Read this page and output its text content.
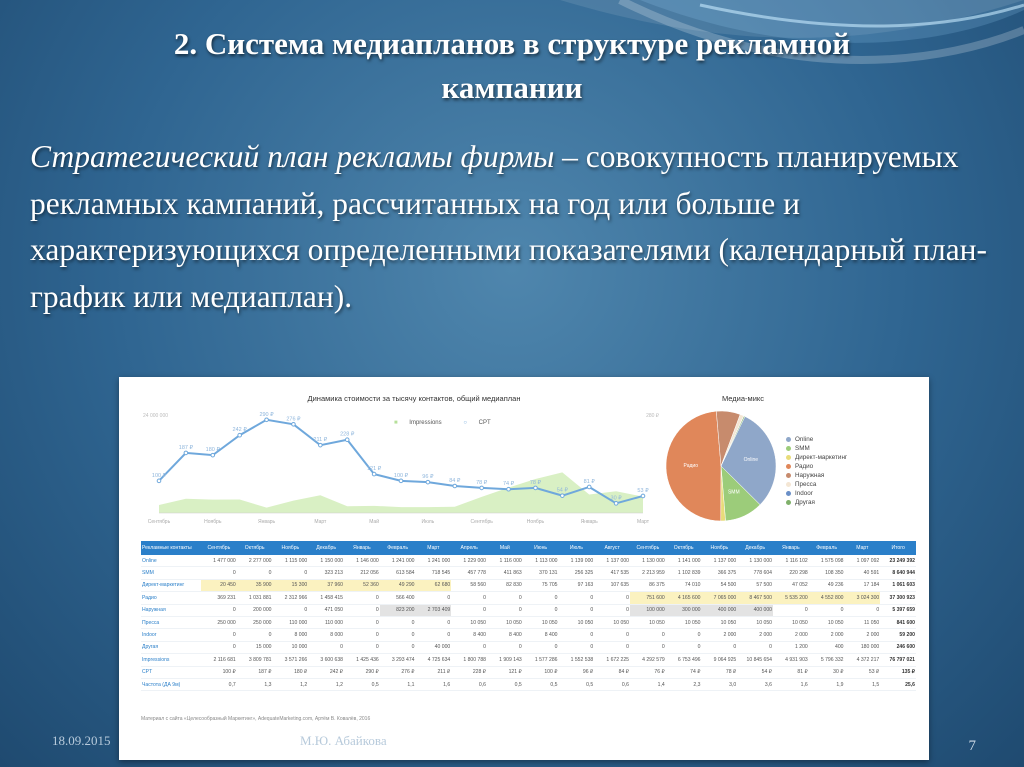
2. Система медиапланов в структуре рекламной
кампании
Стратегический план рекламы фирмы – совокупность планируемых рекламных кампаний, рассчитанных на год или больше и характеризующихся определенными показателями (календарный план-график или медиаплан).
Динамика стоимости за тысячу контактов, общий медиаплан	Медиа-микс
■ Impressions	○ CPT
24 000 000	280 ₽
100 ₽
187 ₽ 180 ₽
242 ₽
290 ₽
276 ₽
211 ₽
228 ₽
121 ₽
100 ₽	96 ₽
84 ₽	78 ₽	74 ₽	78 ₽
54 ₽
81 ₽
30 ₽
53 ₽
Сентябрь	Ноябрь	Январь	Март	Май	Июль	Сентябрь	Ноябрь	Январь	Март
Online
SMM
Радио
Online
SMM
Директ-маркетинг
Радио
Наружная
Пресса
Indoor
Другая
Рекламные контакты	Сентябрь	Октябрь	Ноябрь	Декабрь	Январь	Февраль	Март	Апрель	Май	Июнь	Июль	Август	Сентябрь	Октябрь	Ноябрь	Декабрь	Январь	Февраль	Март	Итого
Online	1 477 000	2 277 000	1 115 000	1 150 000	1 146 000	1 241 000	1 241 000	1 229 000	1 116 000	1 113 000	1 139 000	1 137 000	1 130 000	1 141 000	1 137 000	1 130 000	1 116 102	1 575 098	1 097 092	23 249 392
SMM	0	0	0	323 213	212 056	613 584	718 545	457 778	411 863	370 131	256 325	417 535	2 213 959	1 102 839	366 375	778 604	220 298	108 350	40 591	8 640 944
Директ-маркетинг	20 450	35 900	15 300	37 960	52 360	49 290	62 680	58 560	82 830	75 705	97 163	107 635	86 375	74 010	54 500	57 500	47 052	49 236	17 184	1 061 603
Радио	369 231	1 031 881	2 312 966	1 458 415	0	566 400	0	0	0	0	0	0	751 600	4 165 600	7 065 000	8 467 500	5 535 200	4 552 800	3 024 300	37 300 923
Наружная	0	200 000	0	471 050	0	823 200	2 703 409	0	0	0	0	0	100 000	300 000	400 000	400 000	0	0	0	5 397 659
Пресса	250 000	250 000	110 000	110 000	0	0	0	10 050	10 050	10 050	10 050	10 050	10 050	10 050	10 050	10 050	10 050	10 050	11 050	841 600
Indoor	0	0	8 000	8 000	0	0	0	8 400	8 400	8 400	0	0	0	0	2 000	2 000	2 000	2 000	2 000	59 200
Другая	0	15 000	10 000	0	0	0	40 000	0	0	0	0	0	0	0	0	0	1 200	400	180 000	246 600
Impressions	2 116 681	3 809 781	3 571 266	3 600 638	1 425 436	3 293 474	4 725 634	1 800 788	1 909 143	1 577 286	1 552 538	1 672 225	4 292 579	6 753 496	9 064 925	10 845 654	4 931 903	5 796 332	4 372 217	76 797 021
CPT	100 ₽	187 ₽	180 ₽	242 ₽	290 ₽	276 ₽	211 ₽	228 ₽	121 ₽	100 ₽	96 ₽	84 ₽	76 ₽	74 ₽	78 ₽	54 ₽	81 ₽	30 ₽	53 ₽	135 ₽
Частота (ДА 9м)	0,7	1,3	1,2	1,2	0,5	1,1	1,6	0,6	0,5	0,5	0,5	0,6	1,4	2,3	3,0	3,6	1,6	1,9	1,5	25,6
Материал с сайта «Целесообразный Маркетинг», AdequateMarketing.com, Артём В. Ковалёв, 2016
18.09.2015	М.Ю. Абайкова	7
